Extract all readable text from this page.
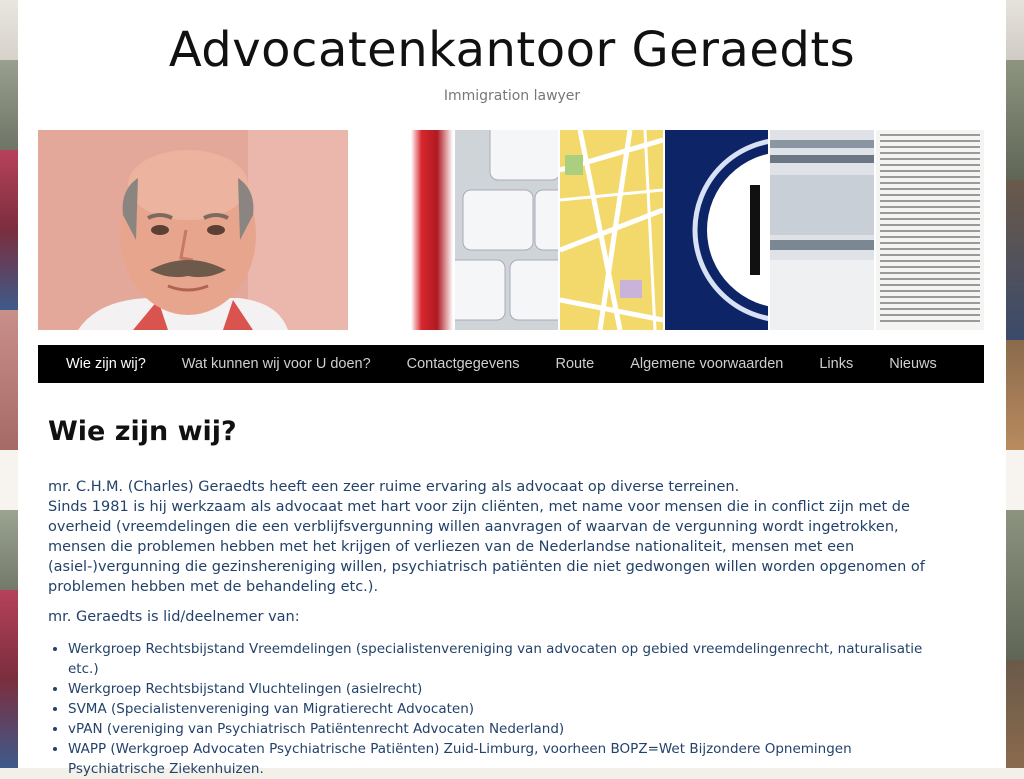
Advocatenkantoor Geraedts
Immigration lawyer
Wie zijn wij?	Wat kunnen wij voor U doen?	Contactgegevens	Route	Algemene voorwaarden	Links	Nieuws
Wie zijn wij?

mr. C.H.M. (Charles) Geraedts heeft een zeer ruime ervaring als advocaat op diverse terreinen.

Sinds 1981 is hij werkzaam als advocaat met hart voor zijn cliënten, met name voor mensen die in conflict zijn met de overheid (vreemdelingen die een verblijfsvergunning willen aanvragen of waarvan de vergunning wordt ingetrokken, mensen die problemen hebben met het krijgen of verliezen van de Nederlandse nationaliteit, mensen met een (asiel-)vergunning die gezinshereniging willen, psychiatrisch patiënten die niet gedwongen willen worden opgenomen of problemen hebben met de behandeling etc.).

mr. Geraedts is lid/deelnemer van:

• Werkgroep Rechtsbijstand Vreemdelingen (specialistenvereniging van advocaten op gebied vreemdelingenrecht, naturalisatie etc.)
• Werkgroep Rechtsbijstand Vluchtelingen (asielrecht)
• SVMA (Specialistenvereniging van Migratierecht Advocaten)
• vPAN (vereniging van Psychiatrisch Patiëntenrecht Advocaten Nederland)
• WAPP (Werkgroep Advocaten Psychiatrische Patiënten) Zuid-Limburg, voorheen BOPZ=Wet Bijzondere Opnemingen Psychiatrische Ziekenhuizen.
